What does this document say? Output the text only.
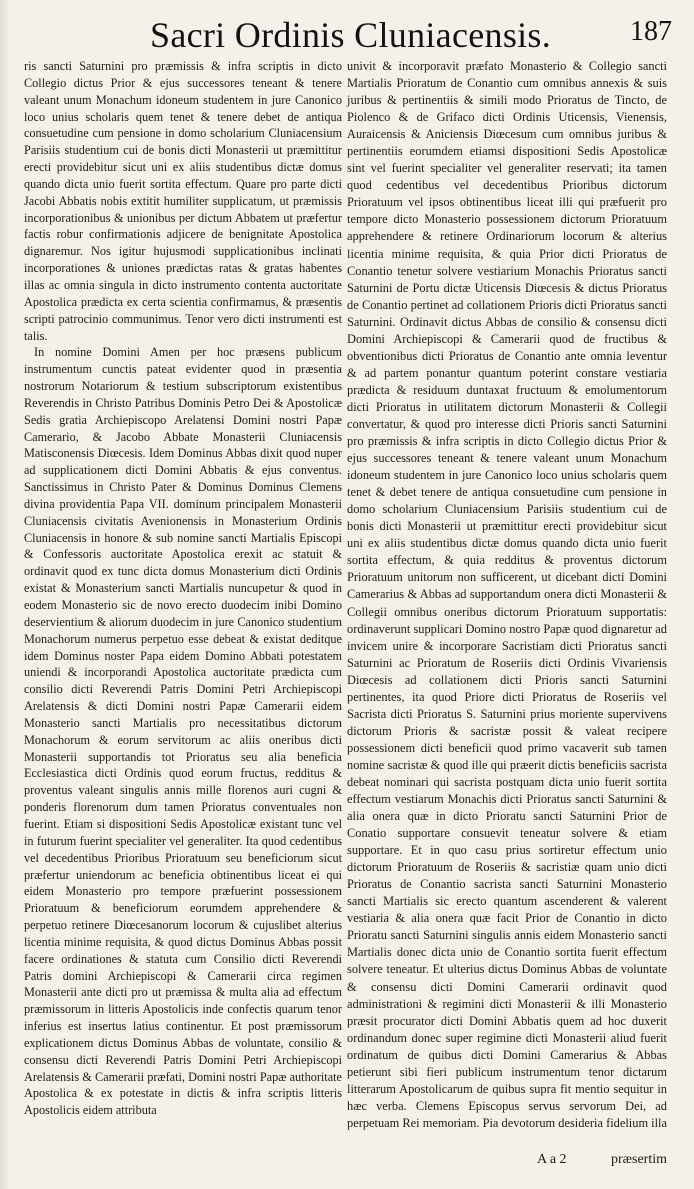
Sacri Ordinis Cluniacensis.	187

ris sancti Saturnini pro præmissis & infra scriptis in dicto Collegio dictus Prior & ejus successores teneant & tenere valeant unum Monachum idoneum studentem in jure Canonico loco unius scholaris quem tenet & tenere debet de antiqua consuetudine cum pensione in domo scholarium Cluniacensium Parisiis studentium cui de bonis dicti Monasterii ut præmittitur erecti providebitur sicut uni ex aliis studentibus dictæ domus quando dicta unio fuerit sortita effectum. Quare pro parte dicti Jacobi Abbatis nobis extitit humiliter supplicatum, ut præmissis incorporationibus & unionibus per dictum Abbatem ut præfertur factis robur confirmationis adjicere de benignitate Apostolica dignaremur. Nos igitur hujusmodi supplicationibus inclinati incorporationes & uniones prædictas ratas & gratas habentes illas ac omnia singula in dicto instrumento contenta auctoritate Apostolica prædicta ex certa scientia confirmamus, & præsentis scripti patrocinio communimus. Tenor vero dicti instrumenti est talis.

In nomine Domini Amen per hoc præsens publicum instrumentum cunctis pateat evidenter quod in præsentia nostrorum Notariorum & testium subscriptorum existentibus Reverendis in Christo Patribus Dominis Petro Dei & Apostolicæ Sedis gratia Archiepiscopo Arelatensi Domini nostri Papæ Camerario, & Jacobo Abbate Monasterii Cluniacensis Matisconensis Diœcesis. Idem Dominus Abbas dixit quod nuper ad supplicationem dicti Domini Abbatis & ejus conventus. Sanctissimus in Christo Pater & Dominus Dominus Clemens divina providentia Papa VII. dominum principalem Monasterii Cluniacensis civitatis Avenionensis in Monasterium Ordinis Cluniacensis in honore & sub nomine sancti Martialis Episcopi & Confessoris auctoritate Apostolica erexit ac statuit & ordinavit quod ex tunc dicta domus Monasterium dicti Ordinis existat & Monasterium sancti Martialis nuncupetur & quod in eodem Monasterio sic de novo erecto duodecim inibi Domino deservientium & aliorum duodecim in jure Canonico studentium Monachorum numerus perpetuo esse debeat & existat deditque idem Dominus noster Papa eidem Domino Abbati potestatem uniendi & incorporandi Apostolica auctoritate prædicta cum consilio dicti Reverendi Patris Domini Petri Archiepiscopi Arelatensis & dicti Domini nostri Papæ Camerarii eidem Monasterio sancti Martialis pro necessitatibus dictorum Monachorum & eorum servitorum ac aliis oneribus dicti Monasterii supportandis tot Prioratus seu alia beneficia Ecclesiastica dicti Ordinis quod eorum fructus, redditus & proventus valeant singulis annis mille florenos auri cugni & ponderis florenorum dum tamen Prioratus conventuales non fuerint. Etiam si dispositioni Sedis Apostolicæ existant tunc vel in futurum fuerint specialiter vel generaliter. Ita quod cedentibus vel decedentibus Prioribus Prioratuum seu beneficiorum sicut præfertur uniendorum ac beneficia obtinentibus liceat ei qui eidem Monasterio pro tempore præfuerint possessionem Prioratuum & beneficiorum eorumdem apprehendere & perpetuo retinere Diœcesanorum locorum & cujuslibet alterius licentia minime requisita, & quod dictus Dominus Abbas possit facere ordinationes & statuta cum Consilio dicti Reverendi Patris domini Archiepiscopi & Camerarii circa regimen Monasterii ante dicti pro ut præmissa & multa alia ad effectum præmissorum in litteris Apostolicis inde confectis quarum tenor inferius est insertus latius continentur. Et post præmissorum explicationem dictus Dominus Abbas de voluntate, consilio & consensu dicti Reverendi Patris Domini Petri Archiepiscopi Arelatensis & Camerarii præfati, Domini nostri Papæ authoritate Apostolica & ex potestate in dictis & infra scriptis litteris Apostolicis eidem attributa

univit & incorporavit præfato Monasterio & Collegio sancti Martialis Prioratum de Conantio cum omnibus annexis & suis juribus & pertinentiis & simili modo Prioratus de Tincto, de Piolenco & de Grifaco dicti Ordinis Uticensis, Vienensis, Auraicensis & Aniciensis Diœcesum cum omnibus juribus & pertinentiis eorumdem etiamsi dispositioni Sedis Apostolicæ sint vel fuerint specialiter vel generaliter reservati; ita tamen quod cedentibus vel decedentibus Prioribus dictorum Prioratuum vel ipsos obtinentibus liceat illi qui præfuerit pro tempore dicto Monasterio possessionem dictorum Prioratuum apprehendere & retinere Ordinariorum locorum & alterius licentia minime requisita, & quia Prior dicti Prioratus de Conantio tenetur solvere vestiarium Monachis Prioratus sancti Saturnini de Portu dictæ Uticensis Diœcesis & dictus Prioratus de Conantio pertinet ad collationem Prioris dicti Prioratus sancti Saturnini. Ordinavit dictus Abbas de consilio & consensu dicti Domini Archiepiscopi & Camerarii quod de fructibus & obventionibus dicti Prioratus de Conantio ante omnia leventur & ad partem ponantur quantum poterint constare vestiaria prædicta & residuum duntaxat fructuum & emolumentorum dicti Prioratus in utilitatem dictorum Monasterii & Collegii convertatur, & quod pro interesse dicti Prioris sancti Saturnini pro præmissis & infra scriptis in dicto Collegio dictus Prior & ejus successores teneant & tenere valeant unum Monachum idoneum studentem in jure Canonico loco unius scholaris quem tenet & debet tenere de antiqua consuetudine cum pensione in domo scholarium Cluniacensium Parisiis studentium cui de bonis dicti Monasterii ut præmittitur erecti providebitur sicut uni ex aliis studentibus dictæ domus quando dicta unio fuerit sortita effectum, & quia redditus & proventus dictorum Prioratuum unitorum non sufficerent, ut dicebant dicti Domini Camerarius & Abbas ad supportandum onera dicti Monasterii & Collegii omnibus oneribus dictorum Prioratuum supportatis: ordinaverunt supplicari Domino nostro Papæ quod dignaretur ad invicem unire & incorporare Sacristiam dicti Prioratus sancti Saturnini ac Prioratum de Roseriis dicti Ordinis Vivariensis Diœcesis ad collationem dicti Prioris sancti Saturnini pertinentes, ita quod Priore dicti Prioratus de Roseriis vel Sacrista dicti Prioratus S. Saturnini prius moriente supervivens dictorum Prioris & sacristæ possit & valeat recipere possessionem dicti beneficii quod primo vacaverit sub tamen nomine sacristæ & quod ille qui præerit dictis beneficiis sacrista debeat nominari qui sacrista postquam dicta unio fuerit sortita effectum vestiarum Monachis dicti Prioratus sancti Saturnini & alia onera quæ in dicto Prioratu sancti Saturnini Prior de Conatio supportare consuevit teneatur solvere & etiam supportare. Et in quo casu prius sortiretur effectum unio dictorum Prioratuum de Roseriis & sacristiæ quam unio dicti Prioratus de Conantio sacrista sancti Saturnini Monasterio sancti Martialis sic erecto quantum ascenderent & valerent vestiaria & alia onera quæ facit Prior de Conantio in dicto Prioratu sancti Saturnini singulis annis eidem Monasterio sancti Martialis donec dicta unio de Conantio sortita fuerit effectum solvere teneatur. Et ulterius dictus Dominus Abbas de voluntate & consensu dicti Domini Camerarii ordinavit quod administrationi & regimini dicti Monasterii & illi Monasterio præsit procurator dicti Domini Abbatis quem ad hoc duxerit ordinandum donec super regimine dicti Monasterii aliud fuerit ordinatum de quibus dicti Domini Camerarius & Abbas petierunt sibi fieri publicum instrumentum tenor dictarum litterarum Apostolicarum de quibus supra fit mentio sequitur in hæc verba. Clemens Episcopus servus servorum Dei, ad perpetuam Rei memoriam. Pia devotorum desideria fidelium illa

A a 2	præsertim
